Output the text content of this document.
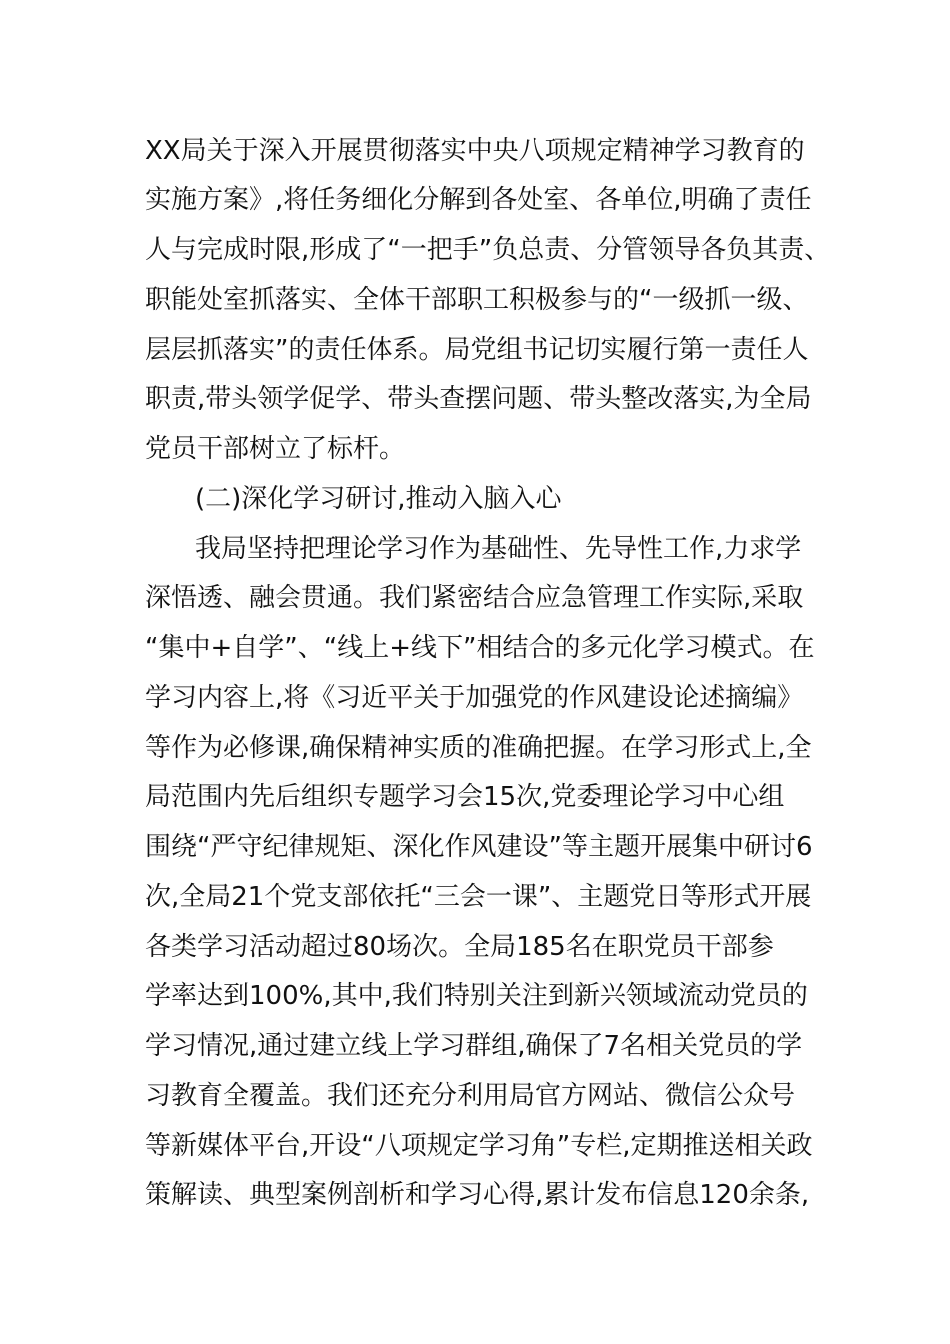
XX局关于深入开展贯彻落实中央八项规定精神学习教育的
实施方案》,将任务细化分解到各处室、各单位,明确了责任
人与完成时限,形成了“一把手”负总责、分管领导各负其责、
职能处室抓落实、全体干部职工积极参与的“一级抓一级、
层层抓落实”的责任体系。局党组书记切实履行第一责任人
职责,带头领学促学、带头查摆问题、带头整改落实,为全局
党员干部树立了标杆。
(二)深化学习研讨,推动入脑入心
我局坚持把理论学习作为基础性、先导性工作,力求学
深悟透、融会贯通。我们紧密结合应急管理工作实际,采取
“集中+自学”、“线上+线下”相结合的多元化学习模式。在
学习内容上,将《习近平关于加强党的作风建设论述摘编》
等作为必修课,确保精神实质的准确把握。在学习形式上,全
局范围内先后组织专题学习会15次,党委理论学习中心组
围绕“严守纪律规矩、深化作风建设”等主题开展集中研讨6
次,全局21个党支部依托“三会一课”、主题党日等形式开展
各类学习活动超过80场次。全局185名在职党员干部参
学率达到100%,其中,我们特别关注到新兴领域流动党员的
学习情况,通过建立线上学习群组,确保了7名相关党员的学
习教育全覆盖。我们还充分利用局官方网站、微信公众号
等新媒体平台,开设“八项规定学习角”专栏,定期推送相关政
策解读、典型案例剖析和学习心得,累计发布信息120余条,
